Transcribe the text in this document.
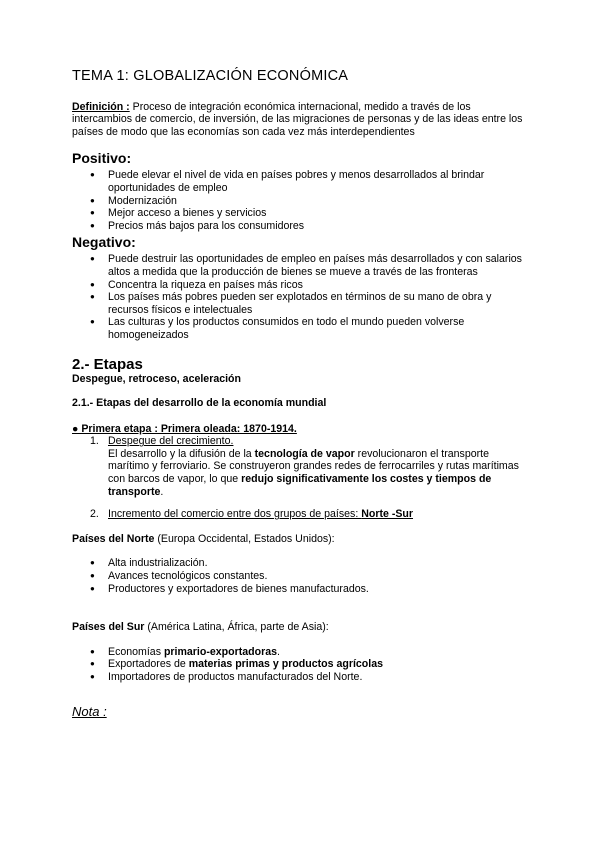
TEMA 1: GLOBALIZACIÓN ECONÓMICA
Definición : Proceso de integración económica internacional, medido a través de los intercambios de comercio, de inversión, de las migraciones de personas y de las ideas entre los países de modo que las economías son cada vez más interdependientes
Positivo:
● Puede elevar el nivel de vida en países pobres y menos desarrollados al brindar oportunidades de empleo
● Modernización
● Mejor acceso a bienes y servicios
● Precios más bajos para los consumidores
Negativo:
● Puede destruir las oportunidades de empleo en países más desarrollados y con salarios altos a medida que la producción de bienes se mueve a través de las fronteras
● Concentra la riqueza en países más ricos
● Los países más pobres pueden ser explotados en términos de su mano de obra y recursos físicos e intelectuales
● Las culturas y los productos consumidos en todo el mundo pueden volverse homogeneizados
2.- Etapas
Despegue, retroceso, aceleración
2.1.- Etapas del desarrollo de la economía mundial
● Primera etapa : Primera oleada: 1870-1914.
1. Despegue del crecimiento.
El desarrollo y la difusión de la tecnología de vapor revolucionaron el transporte marítimo y ferroviario. Se construyeron grandes redes de ferrocarriles y rutas marítimas con barcos de vapor, lo que redujo significativamente los costes y tiempos de transporte.
2. Incremento del comercio entre dos grupos de países: Norte -Sur
Países del Norte (Europa Occidental, Estados Unidos):
● Alta industrialización.
● Avances tecnológicos constantes.
● Productores y exportadores de bienes manufacturados.
Países del Sur (América Latina, África, parte de Asia):
● Economías primario-exportadoras.
● Exportadores de materias primas y productos agrícolas
● Importadores de productos manufacturados del Norte.
Nota :
